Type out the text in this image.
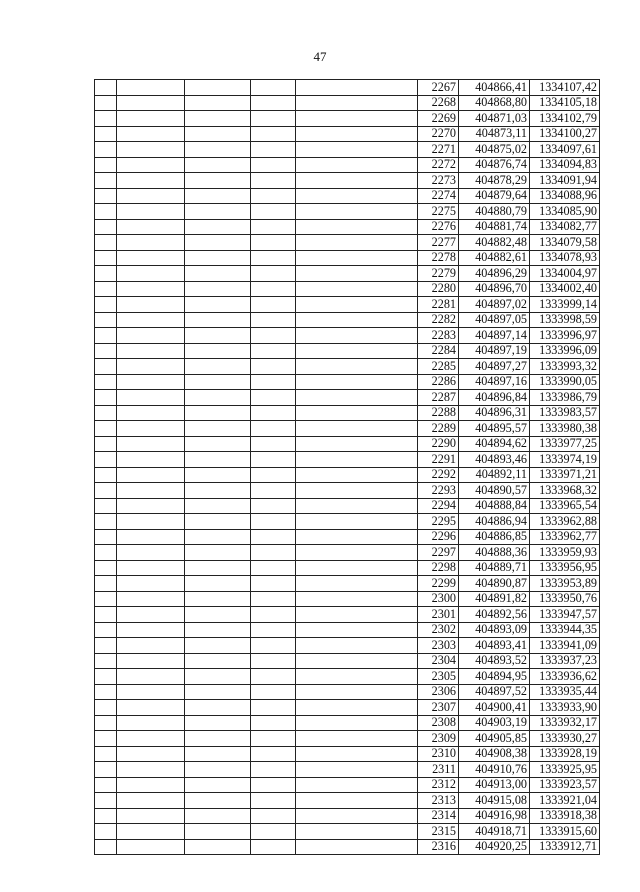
47
					2267	404866,41	1334107,42
					2268	404868,80	1334105,18
					2269	404871,03	1334102,79
					2270	404873,11	1334100,27
					2271	404875,02	1334097,61
					2272	404876,74	1334094,83
					2273	404878,29	1334091,94
					2274	404879,64	1334088,96
					2275	404880,79	1334085,90
					2276	404881,74	1334082,77
					2277	404882,48	1334079,58
					2278	404882,61	1334078,93
					2279	404896,29	1334004,97
					2280	404896,70	1334002,40
					2281	404897,02	1333999,14
					2282	404897,05	1333998,59
					2283	404897,14	1333996,97
					2284	404897,19	1333996,09
					2285	404897,27	1333993,32
					2286	404897,16	1333990,05
					2287	404896,84	1333986,79
					2288	404896,31	1333983,57
					2289	404895,57	1333980,38
					2290	404894,62	1333977,25
					2291	404893,46	1333974,19
					2292	404892,11	1333971,21
					2293	404890,57	1333968,32
					2294	404888,84	1333965,54
					2295	404886,94	1333962,88
					2296	404886,85	1333962,77
					2297	404888,36	1333959,93
					2298	404889,71	1333956,95
					2299	404890,87	1333953,89
					2300	404891,82	1333950,76
					2301	404892,56	1333947,57
					2302	404893,09	1333944,35
					2303	404893,41	1333941,09
					2304	404893,52	1333937,23
					2305	404894,95	1333936,62
					2306	404897,52	1333935,44
					2307	404900,41	1333933,90
					2308	404903,19	1333932,17
					2309	404905,85	1333930,27
					2310	404908,38	1333928,19
					2311	404910,76	1333925,95
					2312	404913,00	1333923,57
					2313	404915,08	1333921,04
					2314	404916,98	1333918,38
					2315	404918,71	1333915,60
					2316	404920,25	1333912,71
